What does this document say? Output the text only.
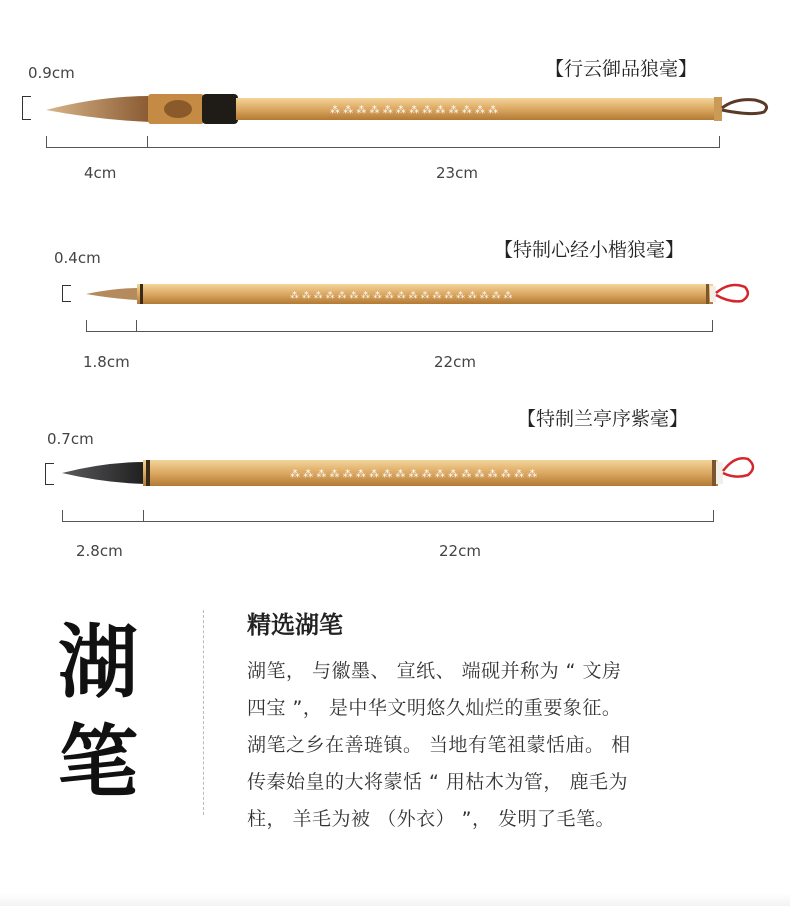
【行云御品狼毫】
0.9cm
⁂ ⁂ ⁂ ⁂ ⁂ ⁂ ⁂ ⁂ ⁂ ⁂ ⁂ ⁂ ⁂
4cm	23cm
【特制心经小楷狼毫】
0.4cm
⁂ ⁂ ⁂ ⁂ ⁂ ⁂ ⁂ ⁂ ⁂ ⁂ ⁂ ⁂ ⁂ ⁂ ⁂ ⁂ ⁂ ⁂ ⁂
1.8cm	22cm
【特制兰亭序紫毫】
0.7cm
⁂ ⁂ ⁂ ⁂ ⁂ ⁂ ⁂ ⁂ ⁂ ⁂ ⁂ ⁂ ⁂ ⁂ ⁂ ⁂ ⁂ ⁂ ⁂
2.8cm	22cm
湖
笔
精选湖笔
湖笔， 与徽墨、 宣纸、 端砚并称为 “ 文房
四宝 ”， 是中华文明悠久灿烂的重要象征。
湖笔之乡在善琏镇。 当地有笔祖蒙恬庙。 相
传秦始皇的大将蒙恬 “ 用枯木为管， 鹿毛为
柱， 羊毛为被 （外衣） ”， 发明了毛笔。
